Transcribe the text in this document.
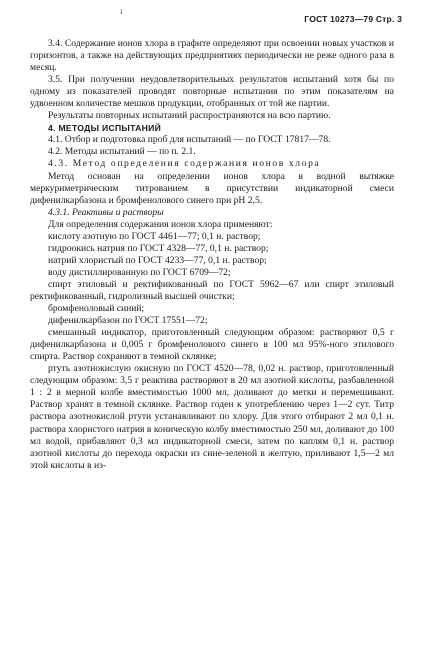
ı
ГОСТ 10273—79 Стр. 3

3.4. Содержание ионов хлора в графите определяют при освоении новых участков и горизонтов, а также на действующих предприятиях периодически не реже одного раза в месяц.

3.5. При получении неудовлетворительных результатов испытаний хотя бы по одному из показателей проводят повторные испытания по этим показателям на удвоенном количестве мешков продукции, отобранных от той же партии.

Результаты повторных испытаний распространяются на всю партию.

4. МЕТОДЫ ИСПЫТАНИЙ

4.1. Отбор и подготовка проб для испытаний — по ГОСТ 17817—78.

4.2. Методы испытаний — по п. 2.1.

4.3. Метод определения содержания ионов хлора

Метод основан на определении ионов хлора в водной вытяжке меркуриметрическим титрованием в присутствии индикаторной смеси дифенилкарбазона и бромфенолового синего при рН 2,5.

4.3.1. Реактивы и растворы

Для определения содержания ионов хлора применяют:

кислоту азотную по ГОСТ 4461—77; 0,1 н. раствор;

гидроокись натрия по ГОСТ 4328—77, 0,1 н. раствор;

натрий хлористый по ГОСТ 4233—77, 0,1 н. раствор;

воду дистиллированную по ГОСТ 6709—72;

спирт этиловый и ректификованный по ГОСТ 5962—67 или спирт этиловый ректификованный, гидролизный высшей очистки;

бромфеноловый синий;

дифенилкарбазон по ГОСТ 17551—72;

смешанный индикатор, приготовленный следующим образом: растворяют 0,5 г дифенилкарбазона и 0,005 г бромфенолового синего в 100 мл 95%-ного этилового спирта. Раствор сохраняют в темной склянке;

ртуть азотнокислую окисную по ГОСТ 4520—78, 0,02 н. раствор, приготовленный следующим образом: 3,5 г реактива растворяют в 20 мл азотной кислоты, разбавленной 1 : 2 в мерной колбе вместимостью 1000 мл, доливают до метки и перемешивают. Раствор хранят в темной склянке. Раствор годен к употреблению через 1—2 сут. Титр раствора азотнокислой ртути устанавливают по хлору. Для этого отбирают 2 мл 0,1 н. раствора хлористого натрия в коническую колбу вместимостью 250 мл, доливают до 100 мл водой, прибавляют 0,3 мл индикаторной смеси, затем по каплям 0,1 н. раствор азотной кислоты до перехода окраски из сине-зеленой в желтую, приливают 1,5—2 мл этой кислоты в из-
